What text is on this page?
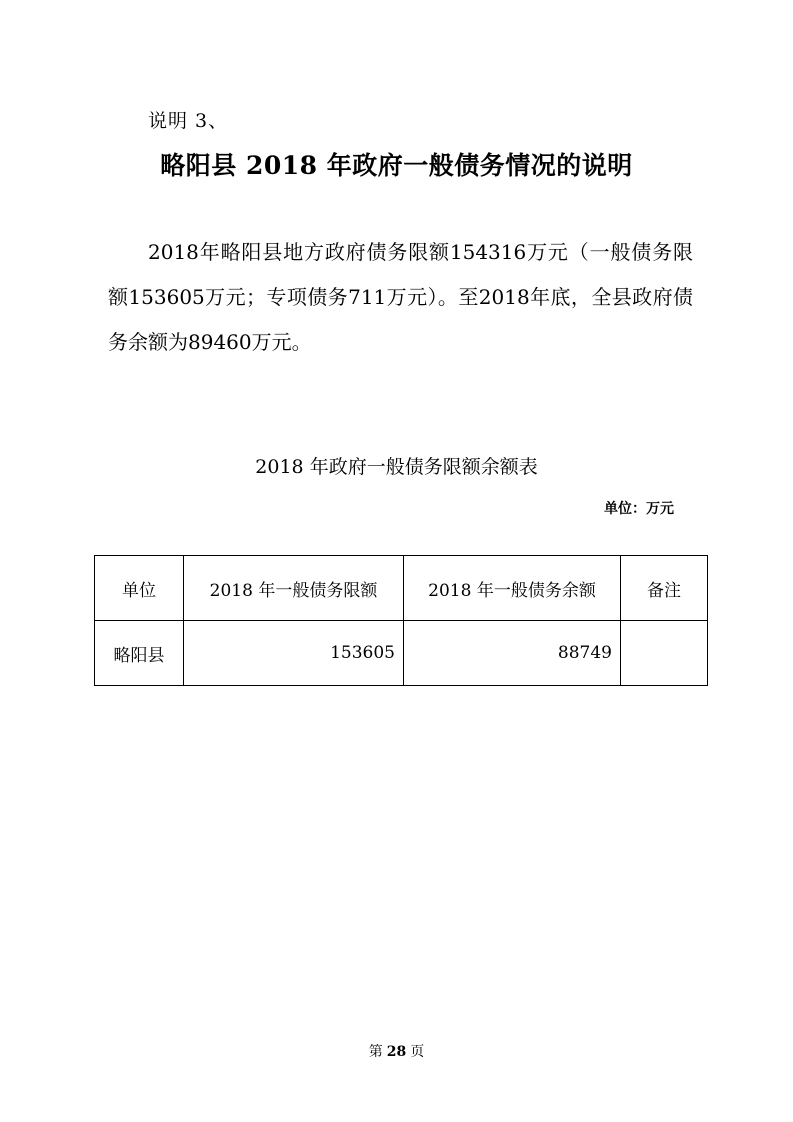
说明 3、
略阳县 2018 年政府一般债务情况的说明

2018年略阳县地方政府债务限额154316万元（一般债务限额153605万元；专项债务711万元）。至2018年底，全县政府债务余额为89460万元。

2018 年政府一般债务限额余额表
单位：万元
单位	2018 年一般债务限额	2018 年一般债务余额	备注
略阳县	153605	88749	
第 28 页
